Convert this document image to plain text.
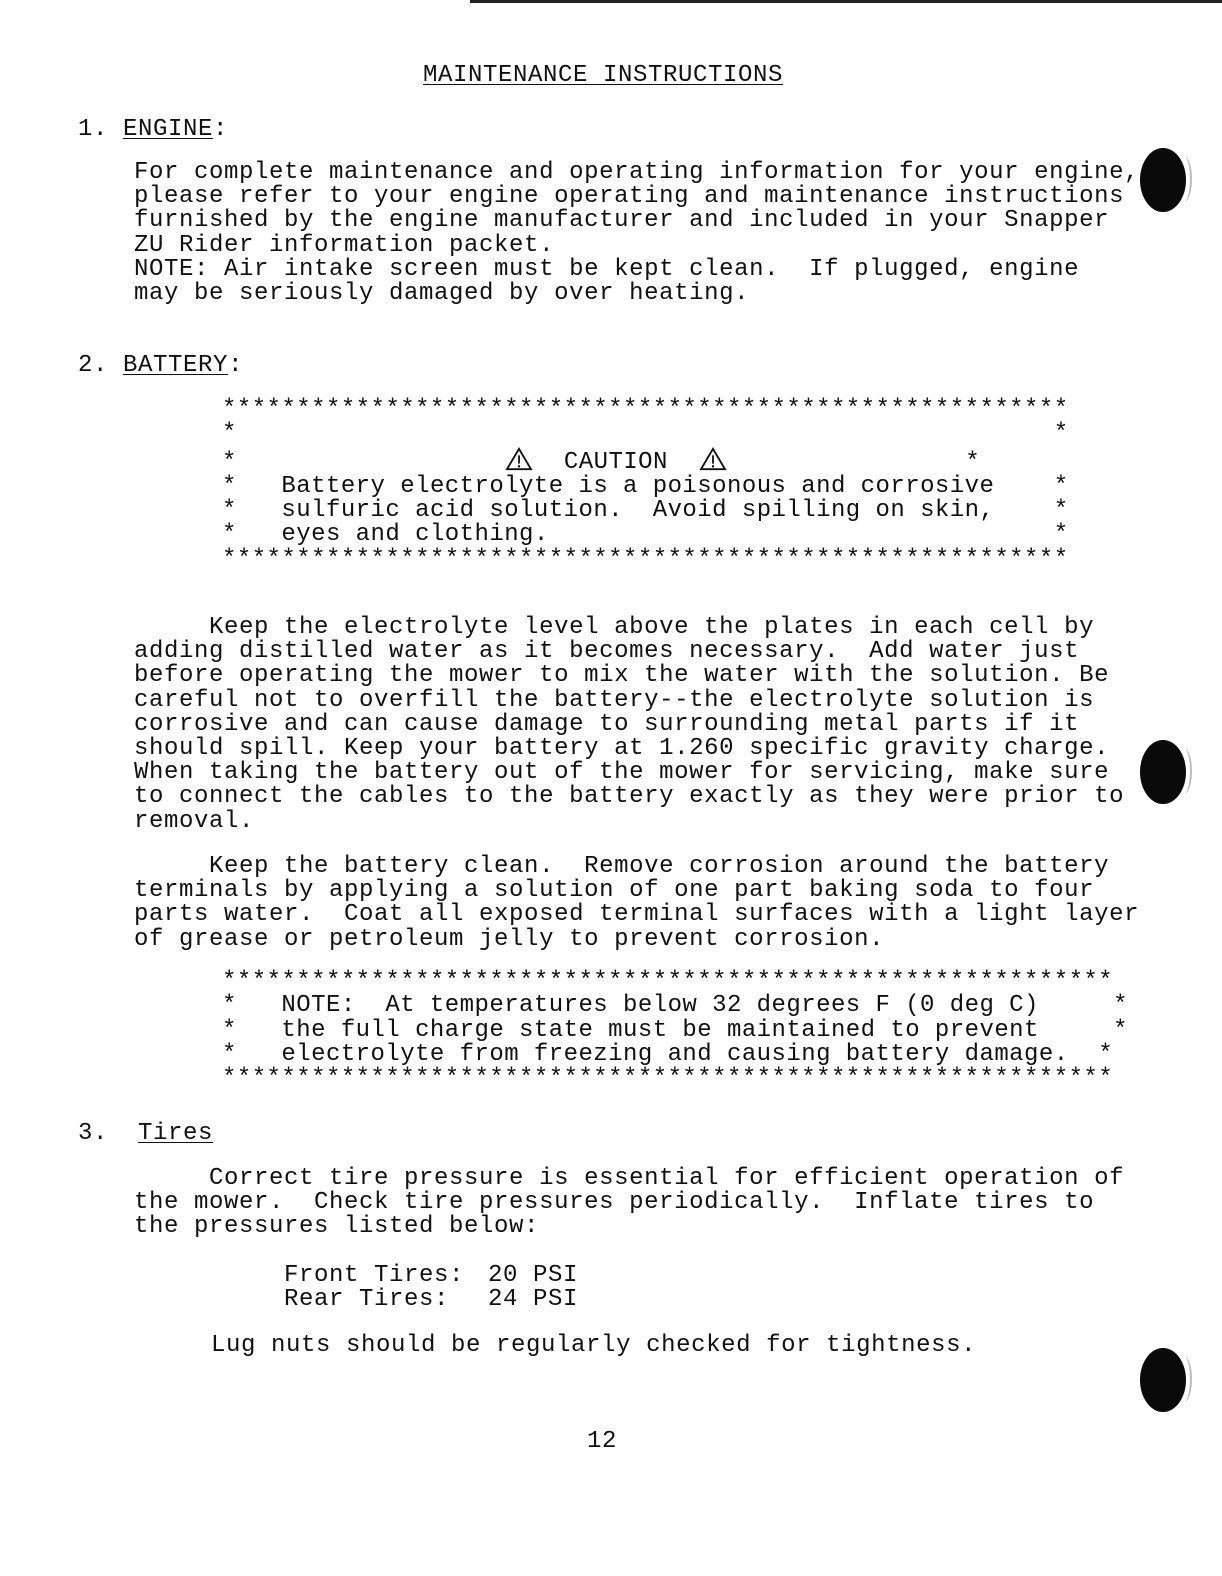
MAINTENANCE INSTRUCTIONS
1. ENGINE:
For complete maintenance and operating information for your engine,
please refer to your engine operating and maintenance instructions
furnished by the engine manufacturer and included in your Snapper
ZU Rider information packet.
NOTE: Air intake screen must be kept clean.  If plugged, engine
may be seriously damaged by over heating.
2. BATTERY:
*********************************************************
*                                                       *
*	CAUTION	*
*   Battery electrolyte is a poisonous and corrosive    *
*   sulfuric acid solution.  Avoid spilling on skin,    *
*   eyes and clothing.                                  *
*********************************************************
Keep the electrolyte level above the plates in each cell by
adding distilled water as it becomes necessary.  Add water just
before operating the mower to mix the water with the solution. Be
careful not to overfill the battery--the electrolyte solution is
corrosive and can cause damage to surrounding metal parts if it
should spill. Keep your battery at 1.260 specific gravity charge.
When taking the battery out of the mower for servicing, make sure
to connect the cables to the battery exactly as they were prior to
removal.
Keep the battery clean.  Remove corrosion around the battery
terminals by applying a solution of one part baking soda to four
parts water.  Coat all exposed terminal surfaces with a light layer
of grease or petroleum jelly to prevent corrosion.
************************************************************
*   NOTE:  At temperatures below 32 degrees F (0 deg C)     *
*   the full charge state must be maintained to prevent     *
*   electrolyte from freezing and causing battery damage.  *
************************************************************
3. Tires
Correct tire pressure is essential for efficient operation of
the mower.  Check tire pressures periodically.  Inflate tires to
the pressures listed below:
Front Tires: 20 PSI
Rear Tires: 24 PSI
Lug nuts should be regularly checked for tightness.
12
